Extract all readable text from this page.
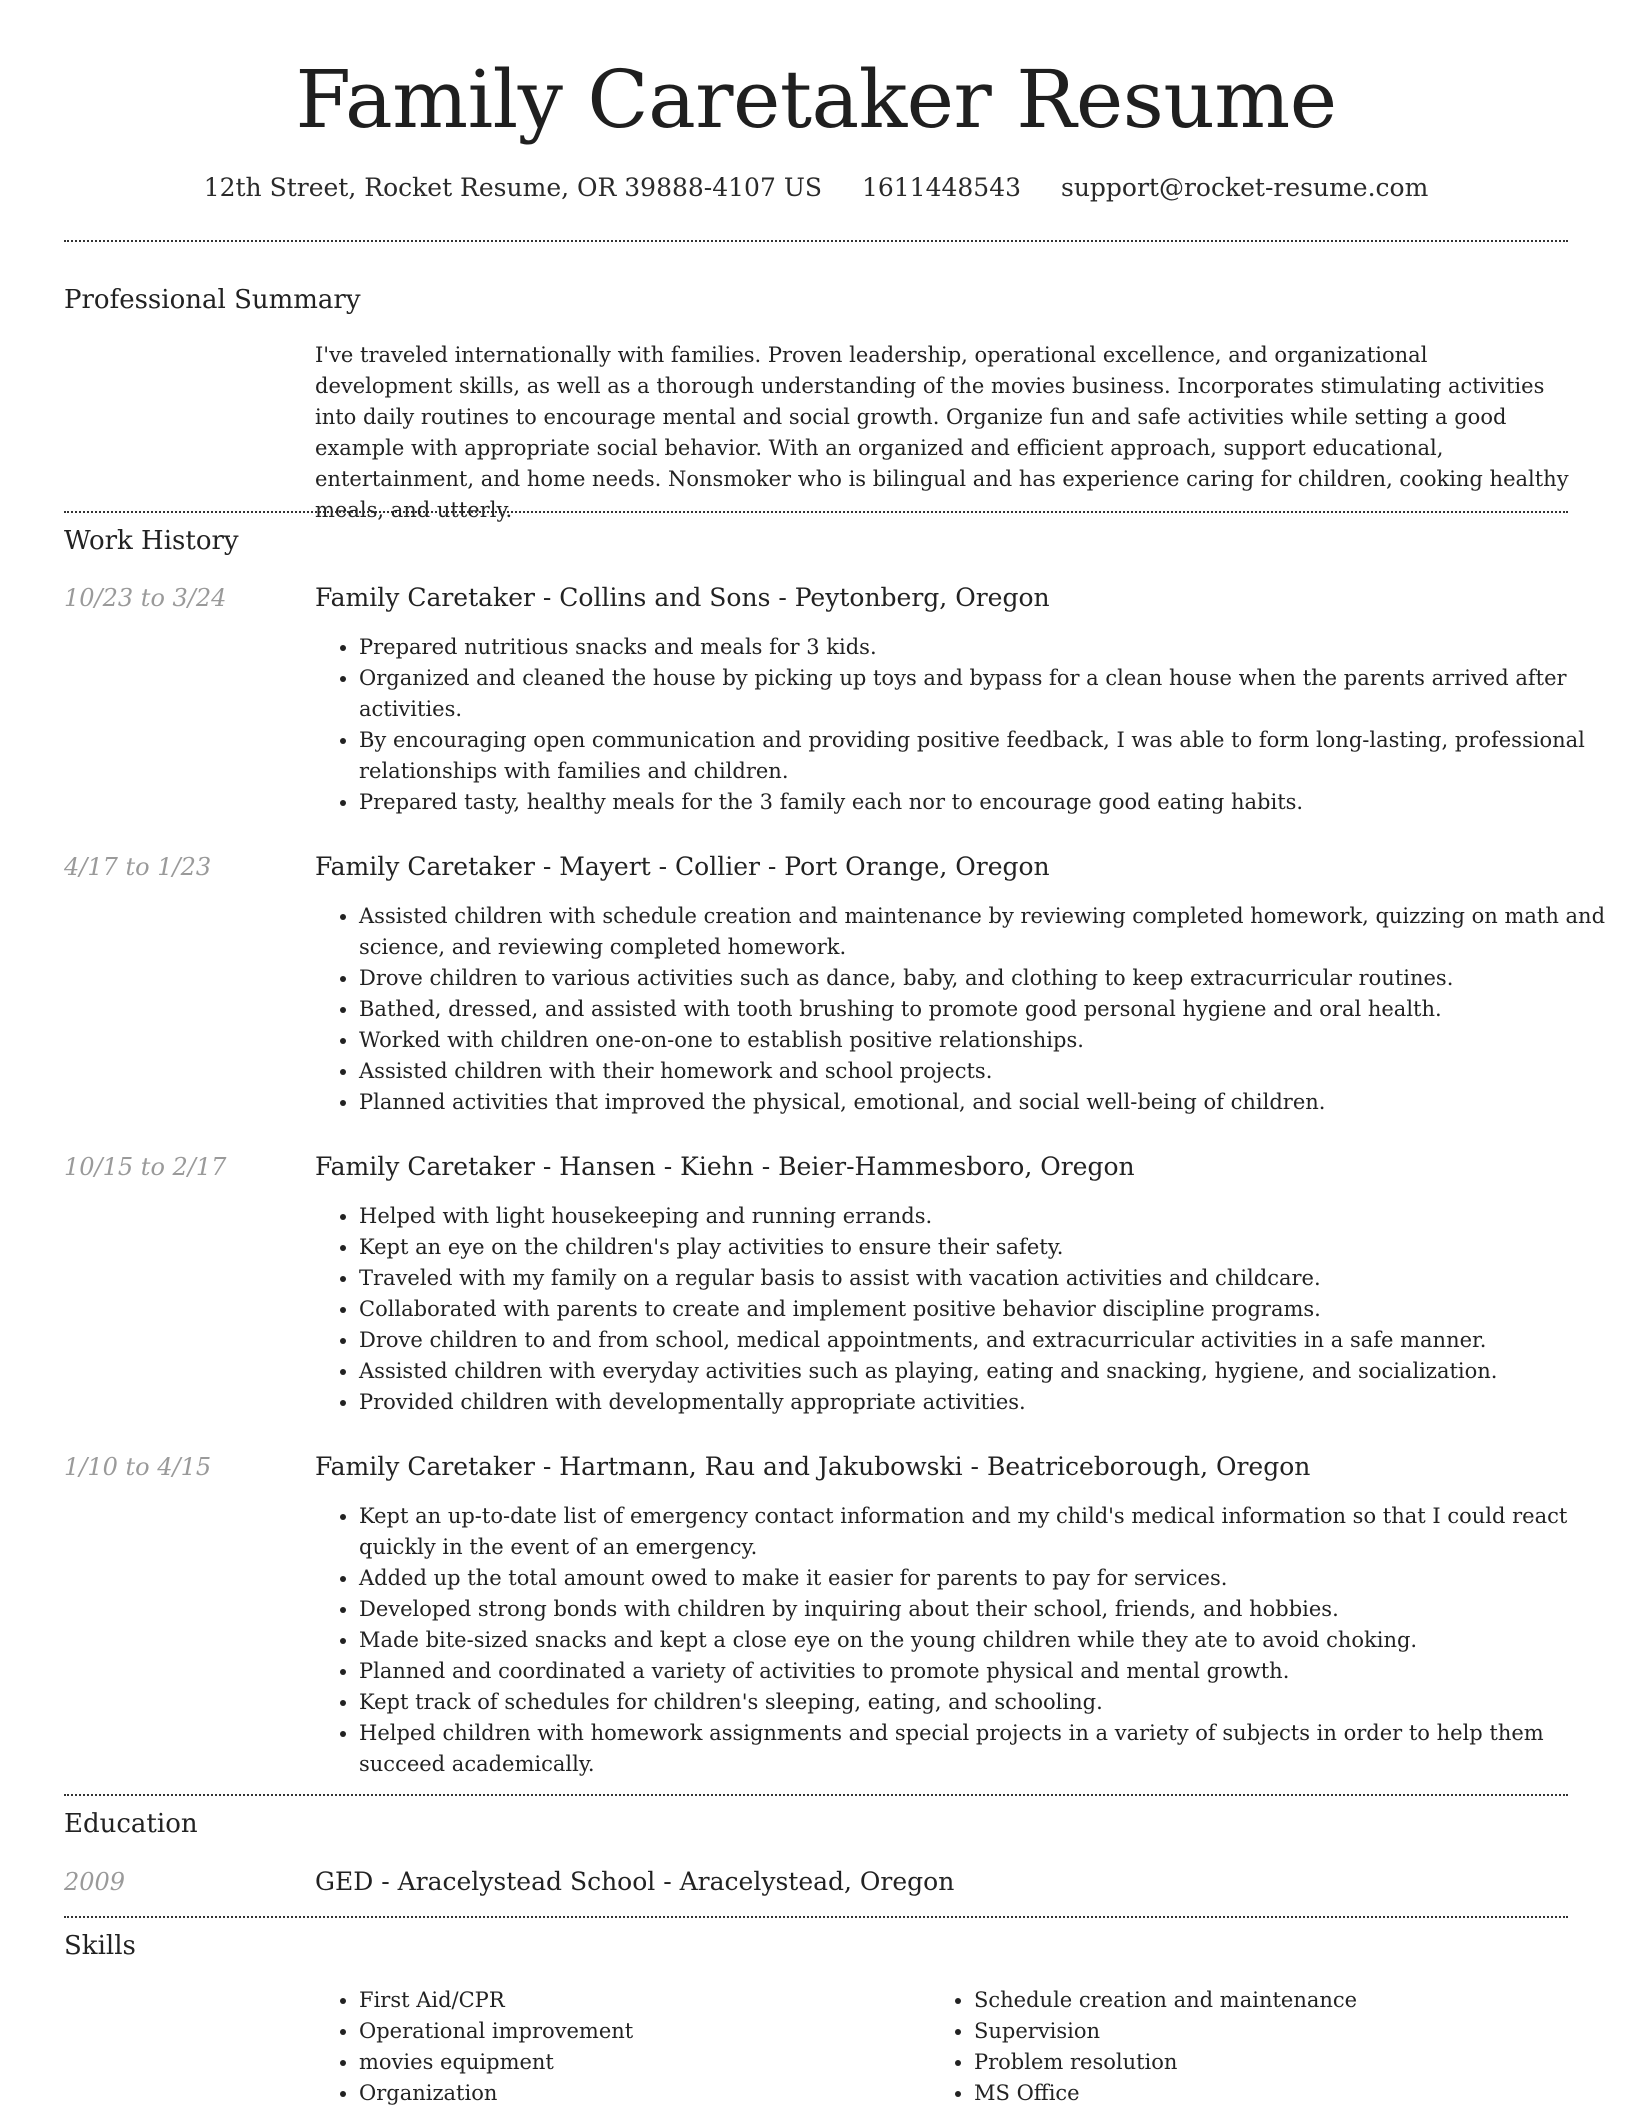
Family Caretaker Resume
12th Street, Rocket Resume, OR 39888-4107 US 1611448543 support@rocket-resume.com
Professional Summary
I've traveled internationally with families. Proven leadership, operational excellence, and organizational development skills, as well as a thorough understanding of the movies business. Incorporates stimulating activities into daily routines to encourage mental and social growth. Organize fun and safe activities while setting a good example with appropriate social behavior. With an organized and efficient approach, support educational, entertainment, and home needs. Nonsmoker who is bilingual and has experience caring for children, cooking healthy meals, and utterly.
Work History
10/23 to 3/24	Family Caretaker - Collins and Sons - Peytonberg, Oregon
• Prepared nutritious snacks and meals for 3 kids.
• Organized and cleaned the house by picking up toys and bypass for a clean house when the parents arrived after activities.
• By encouraging open communication and providing positive feedback, I was able to form long-lasting, professional relationships with families and children.
• Prepared tasty, healthy meals for the 3 family each nor to encourage good eating habits.
4/17 to 1/23	Family Caretaker - Mayert - Collier - Port Orange, Oregon
• Assisted children with schedule creation and maintenance by reviewing completed homework, quizzing on math and science, and reviewing completed homework.
• Drove children to various activities such as dance, baby, and clothing to keep extracurricular routines.
• Bathed, dressed, and assisted with tooth brushing to promote good personal hygiene and oral health.
• Worked with children one-on-one to establish positive relationships.
• Assisted children with their homework and school projects.
• Planned activities that improved the physical, emotional, and social well-being of children.
10/15 to 2/17	Family Caretaker - Hansen - Kiehn - Beier-Hammesboro, Oregon
• Helped with light housekeeping and running errands.
• Kept an eye on the children's play activities to ensure their safety.
• Traveled with my family on a regular basis to assist with vacation activities and childcare.
• Collaborated with parents to create and implement positive behavior discipline programs.
• Drove children to and from school, medical appointments, and extracurricular activities in a safe manner.
• Assisted children with everyday activities such as playing, eating and snacking, hygiene, and socialization.
• Provided children with developmentally appropriate activities.
1/10 to 4/15	Family Caretaker - Hartmann, Rau and Jakubowski - Beatriceborough, Oregon
• Kept an up-to-date list of emergency contact information and my child's medical information so that I could react quickly in the event of an emergency.
• Added up the total amount owed to make it easier for parents to pay for services.
• Developed strong bonds with children by inquiring about their school, friends, and hobbies.
• Made bite-sized snacks and kept a close eye on the young children while they ate to avoid choking.
• Planned and coordinated a variety of activities to promote physical and mental growth.
• Kept track of schedules for children's sleeping, eating, and schooling.
• Helped children with homework assignments and special projects in a variety of subjects in order to help them succeed academically.
Education
2009	GED - Aracelystead School - Aracelystead, Oregon
Skills
• First Aid/CPR
• Operational improvement
• movies equipment
• Organization
• Schedule creation and maintenance
• Supervision
• Problem resolution
• MS Office
